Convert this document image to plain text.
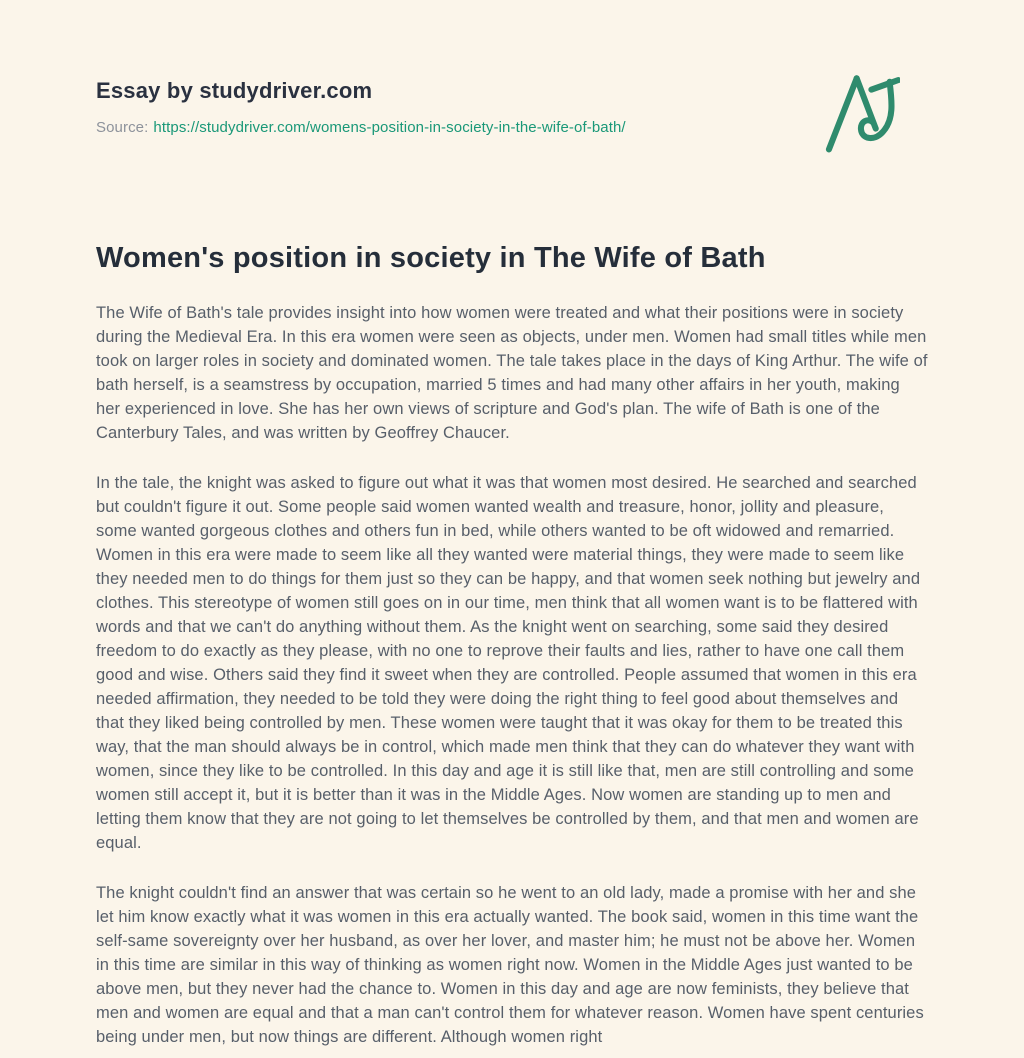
Essay by studydriver.com

Source: https://studydriver.com/womens-position-in-society-in-the-wife-of-bath/

Women's position in society in The Wife of Bath

The Wife of Bath's tale provides insight into how women were treated and what their positions were in society during the Medieval Era. In this era women were seen as objects, under men. Women had small titles while men took on larger roles in society and dominated women. The tale takes place in the days of King Arthur. The wife of bath herself, is a seamstress by occupation, married 5 times and had many other affairs in her youth, making her experienced in love. She has her own views of scripture and God's plan. The wife of Bath is one of the Canterbury Tales, and was written by Geoffrey Chaucer.

In the tale, the knight was asked to figure out what it was that women most desired. He searched and searched but couldn't figure it out. Some people said women wanted wealth and treasure, honor, jollity and pleasure, some wanted gorgeous clothes and others fun in bed, while others wanted to be oft widowed and remarried. Women in this era were made to seem like all they wanted were material things, they were made to seem like they needed men to do things for them just so they can be happy, and that women seek nothing but jewelry and clothes. This stereotype of women still goes on in our time, men think that all women want is to be flattered with words and that we can't do anything without them. As the knight went on searching, some said they desired freedom to do exactly as they please, with no one to reprove their faults and lies, rather to have one call them good and wise. Others said they find it sweet when they are controlled. People assumed that women in this era needed affirmation, they needed to be told they were doing the right thing to feel good about themselves and that they liked being controlled by men. These women were taught that it was okay for them to be treated this way, that the man should always be in control, which made men think that they can do whatever they want with women, since they like to be controlled. In this day and age it is still like that, men are still controlling and some women still accept it, but it is better than it was in the Middle Ages. Now women are standing up to men and letting them know that they are not going to let themselves be controlled by them, and that men and women are equal.

The knight couldn't find an answer that was certain so he went to an old lady, made a promise with her and she let him know exactly what it was women in this era actually wanted. The book said, women in this time want the self-same sovereignty over her husband, as over her lover, and master him; he must not be above her. Women in this time are similar in this way of thinking as women right now. Women in the Middle Ages just wanted to be above men, but they never had the chance to. Women in this day and age are now feminists, they believe that men and women are equal and that a man can't control them for whatever reason. Women have spent centuries being under men, but now things are different. Although women right
